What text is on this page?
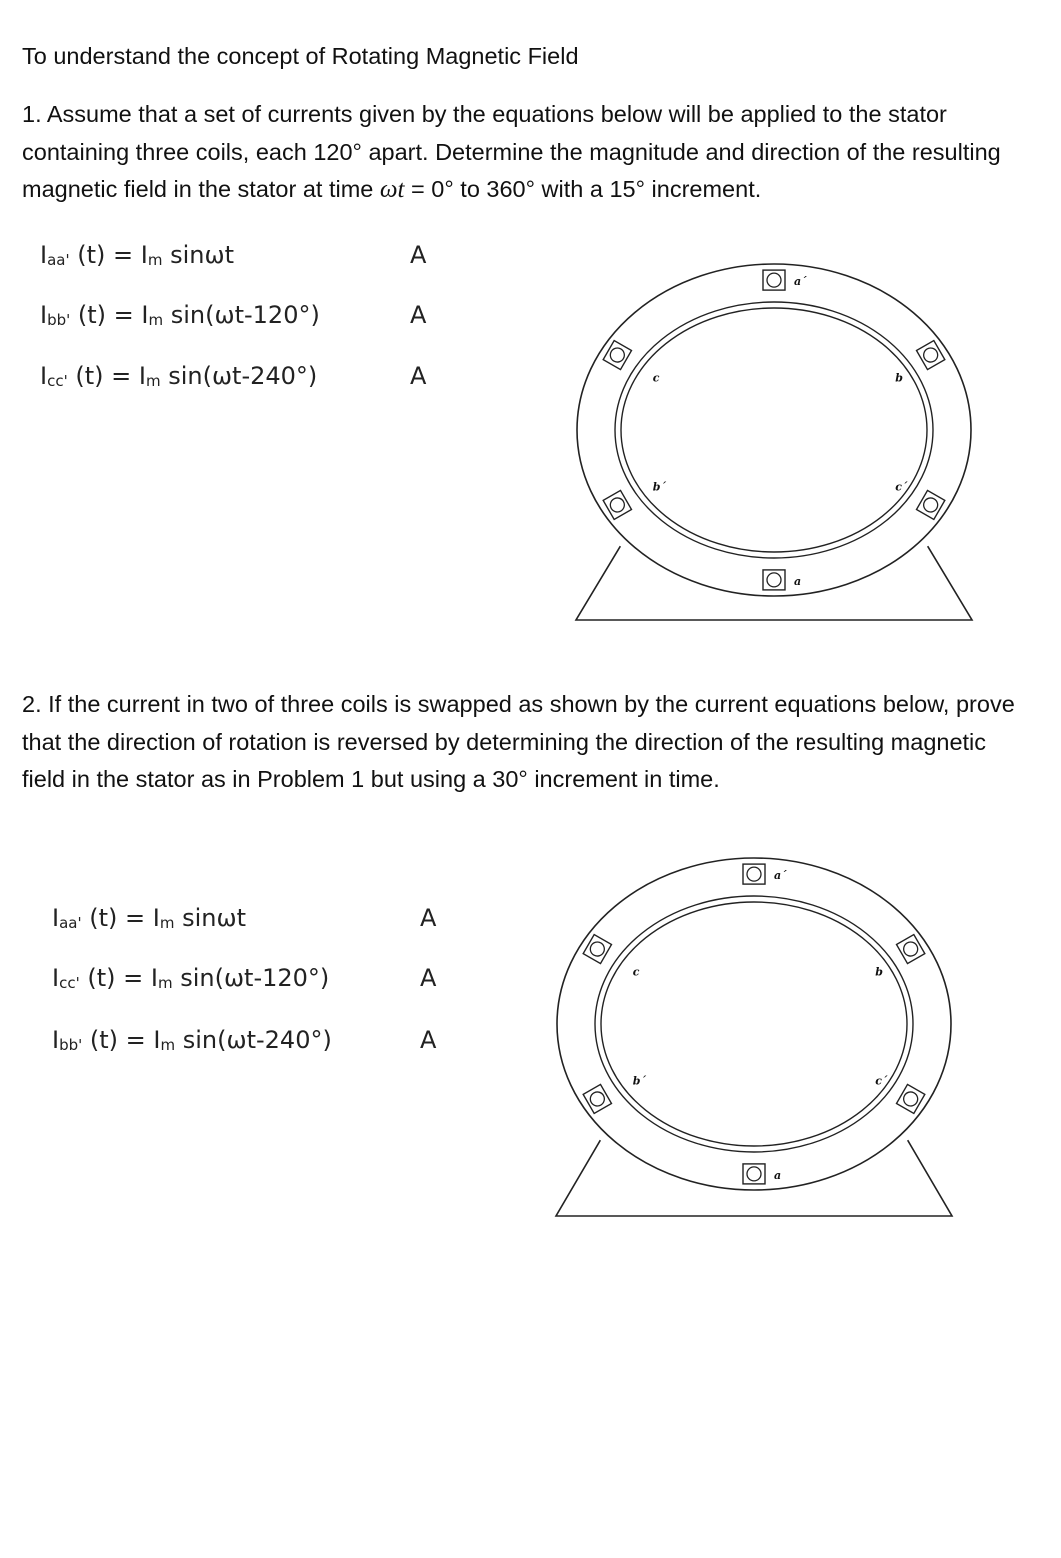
To understand the concept of Rotating Magnetic Field

1. Assume that a set of currents given by the equations below will be applied to the stator containing three coils, each 120° apart. Determine the magnitude and direction of the resulting magnetic field in the stator at time ωt = 0° to 360° with a 15° increment.

$I_{aa'}$ $(t) = I_m$ sinωt	A
$I_{bb'}$ $(t) = I_m$ sin(ωt-120°)	A
$I_{cc'}$ $(t) = I_m$ sin(ωt-240°)	A

2. If the current in two of three coils is swapped as shown by the current equations below, prove that the direction of rotation is reversed by determining the direction of the resulting magnetic field in the stator as in Problem 1 but using a 30° increment in time.

$I_{aa'}$ $(t) = I_m$ sinωt	A
$I_{cc'}$ $(t) = I_m$ sin(ωt-120°)	A
$I_{bb'}$ $(t) = I_m$ sin(ωt-240°)	A
a´
b
c´
a
b´
c
a´
b
c´
a
b´
c
